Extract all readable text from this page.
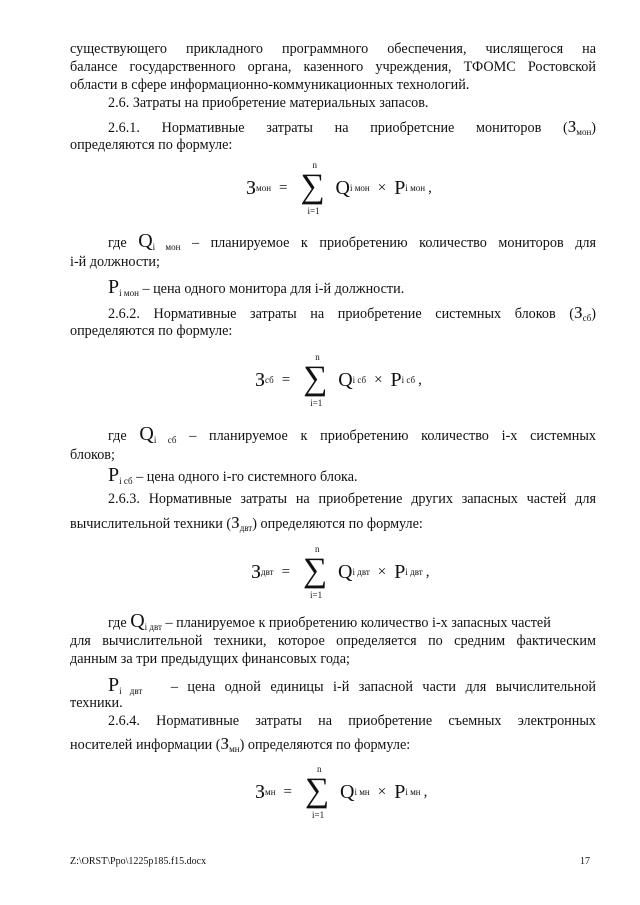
существующего прикладного программного обеспечения, числящегося на
балансе государственного органа, казенного учреждения, ТФОМС Ростовской
области в сфере информационно-коммуникационных технологий.
2.6. Затраты на приобретение материальных запасов.
2.6.1. Нормативные затраты на приобретсние мониторов $(З_{мон})$
определяются по формуле:
З мон =
n
∑
i=1
Q i мон × P i мон ,
где $Q_{i мон}$ – планируемое к приобретению количество мониторов для
i-й должности;
$P_{i мон}$ – цена одного монитора для i-й должности.
2.6.2. Нормативные затраты на приобретение системных блоков $(З_{сб})$
определяются по формуле:
З сб =
n
∑
i=1
Q i сб × P i сб ,
где $Q_{i сб}$ – планируемое к приобретению количество i-х системных
блоков;
$P_{i сб}$ – цена одного i-го системного блока.
2.6.3. Нормативные затраты на приобретение других запасных частей для
вычислительной техники $(З_{двт})$ определяются по формуле:
З двт =
n
∑
i=1
Q i двт × P i двт ,
где $Q_{i двт}$ – планируемое к приобретению количество i-х запасных частей
для вычислительной техники, которое определяется по средним фактическим
данным за три предыдущих финансовых года;
$P_{i двт}$ – цена одной единицы i-й запасной части для вычислительной
техники.
2.6.4. Нормативные затраты на приобретение съемных электронных
носителей информации $(З_{мн})$ определяются по формуле:
З мн =
n
∑
i=1
Q i мн × P i мн ,
Z:\ORST\Ppo\1225p185.f15.docx	17
